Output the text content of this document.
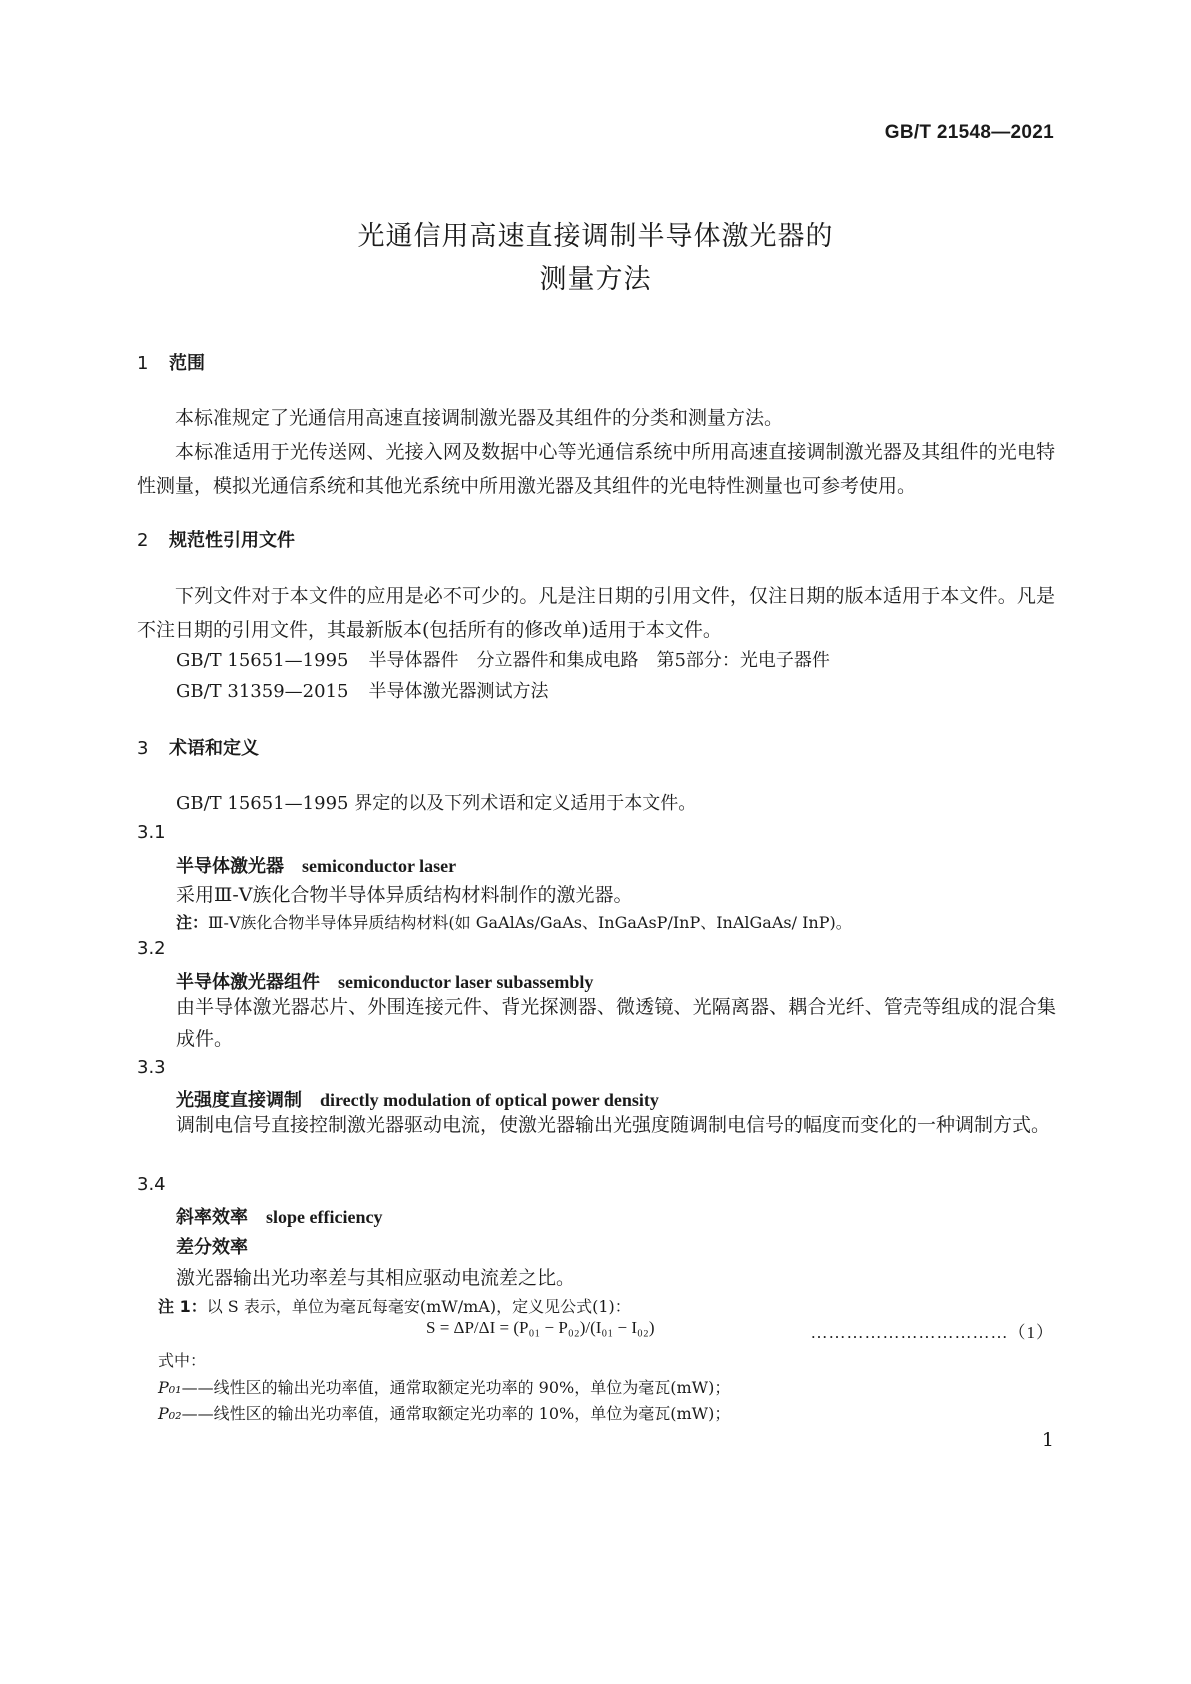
GB/T 21548—2021
光通信用高速直接调制半导体激光器的
测量方法
1 范围
本标准规定了光通信用高速直接调制激光器及其组件的分类和测量方法。
本标准适用于光传送网、光接入网及数据中心等光通信系统中所用高速直接调制激光器及其组件的光电特性测量，模拟光通信系统和其他光系统中所用激光器及其组件的光电特性测量也可参考使用。
2 规范性引用文件
下列文件对于本文件的应用是必不可少的。凡是注日期的引用文件，仅注日期的版本适用于本文件。凡是不注日期的引用文件，其最新版本(包括所有的修改单)适用于本文件。
GB/T 15651—1995 半导体器件　分立器件和集成电路　第5部分：光电子器件
GB/T 31359—2015 半导体激光器测试方法
3 术语和定义
GB/T 15651—1995 界定的以及下列术语和定义适用于本文件。
3.1
半导体激光器 semiconductor laser
采用Ⅲ-Ⅴ族化合物半导体异质结构材料制作的激光器。
注：Ⅲ-Ⅴ族化合物半导体异质结构材料(如 GaAlAs/GaAs、InGaAsP/InP、InAlGaAs/ InP)。
3.2
半导体激光器组件 semiconductor laser subassembly
由半导体激光器芯片、外围连接元件、背光探测器、微透镜、光隔离器、耦合光纤、管壳等组成的混合集成件。
3.3
光强度直接调制 directly modulation of optical power density
调制电信号直接控制激光器驱动电流，使激光器输出光强度随调制电信号的幅度而变化的一种调制方式。
3.4
斜率效率 slope efficiency
差分效率
激光器输出光功率差与其相应驱动电流差之比。
注 1：以 S 表示，单位为毫瓦每毫安(mW/mA)，定义见公式(1)：
S = ΔP/ΔI = (P₀₁ − P₀₂)/(I₀₁ − I₀₂)	……………………………（1）
式中：
P₀₁——线性区的输出光功率值，通常取额定光功率的 90%，单位为毫瓦(mW)；
P₀₂——线性区的输出光功率值，通常取额定光功率的 10%，单位为毫瓦(mW)；
1
